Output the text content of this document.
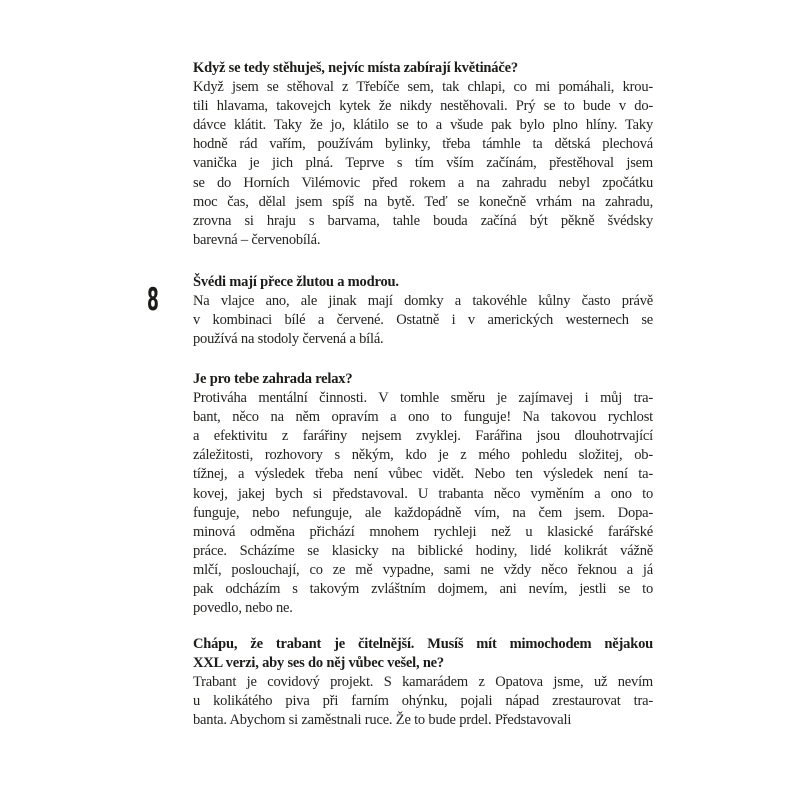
8
Když se tedy stěhuješ, nejvíc místa zabírají květináče?
Když jsem se stěhoval z Třebíče sem, tak chlapi, co mi pomáhali, krou-
tili hlavama, takovejch kytek že nikdy nestěhovali. Prý se to bude v do-
dávce klátit. Taky že jo, klátilo se to a všude pak bylo plno hlíny. Taky
hodně rád vařím, používám bylinky, třeba támhle ta dětská plechová
vanička je jich plná. Teprve s tím vším začínám, přestěhoval jsem
se do Horních Vilémovic před rokem a na zahradu nebyl zpočátku
moc čas, dělal jsem spíš na bytě. Teď se konečně vrhám na zahradu,
zrovna si hraju s barvama, tahle bouda začíná být pěkně švédsky
barevná – červenobílá.
Švédi mají přece žlutou a modrou.
Na vlajce ano, ale jinak mají domky a takovéhle kůlny často právě
v kombinaci bílé a červené. Ostatně i v amerických westernech se
používá na stodoly červená a bílá.
Je pro tebe zahrada relax?
Protiváha mentální činnosti. V tomhle směru je zajímavej i můj tra-
bant, něco na něm opravím a ono to funguje! Na takovou rychlost
a efektivitu z farářiny nejsem zvyklej. Farářina jsou dlouhotrvající
záležitosti, rozhovory s někým, kdo je z mého pohledu složitej, ob-
tížnej, a výsledek třeba není vůbec vidět. Nebo ten výsledek není ta-
kovej, jakej bych si představoval. U trabanta něco vyměním a ono to
funguje, nebo nefunguje, ale každopádně vím, na čem jsem. Dopa-
minová odměna přichází mnohem rychleji než u klasické farářské
práce. Scházíme se klasicky na biblické hodiny, lidé kolikrát vážně
mlčí, poslouchají, co ze mě vypadne, sami ne vždy něco řeknou a já
pak odcházím s takovým zvláštním dojmem, ani nevím, jestli se to
povedlo, nebo ne.
Chápu, že trabant je čitelnější. Musíš mít mimochodem nějakou
XXL verzi, aby ses do něj vůbec vešel, ne?
Trabant je covidový projekt. S kamarádem z Opatova jsme, už nevím
u kolikátého piva při farním ohýnku, pojali nápad zrestaurovat tra-
banta. Abychom si zaměstnali ruce. Že to bude prdel. Představovali
